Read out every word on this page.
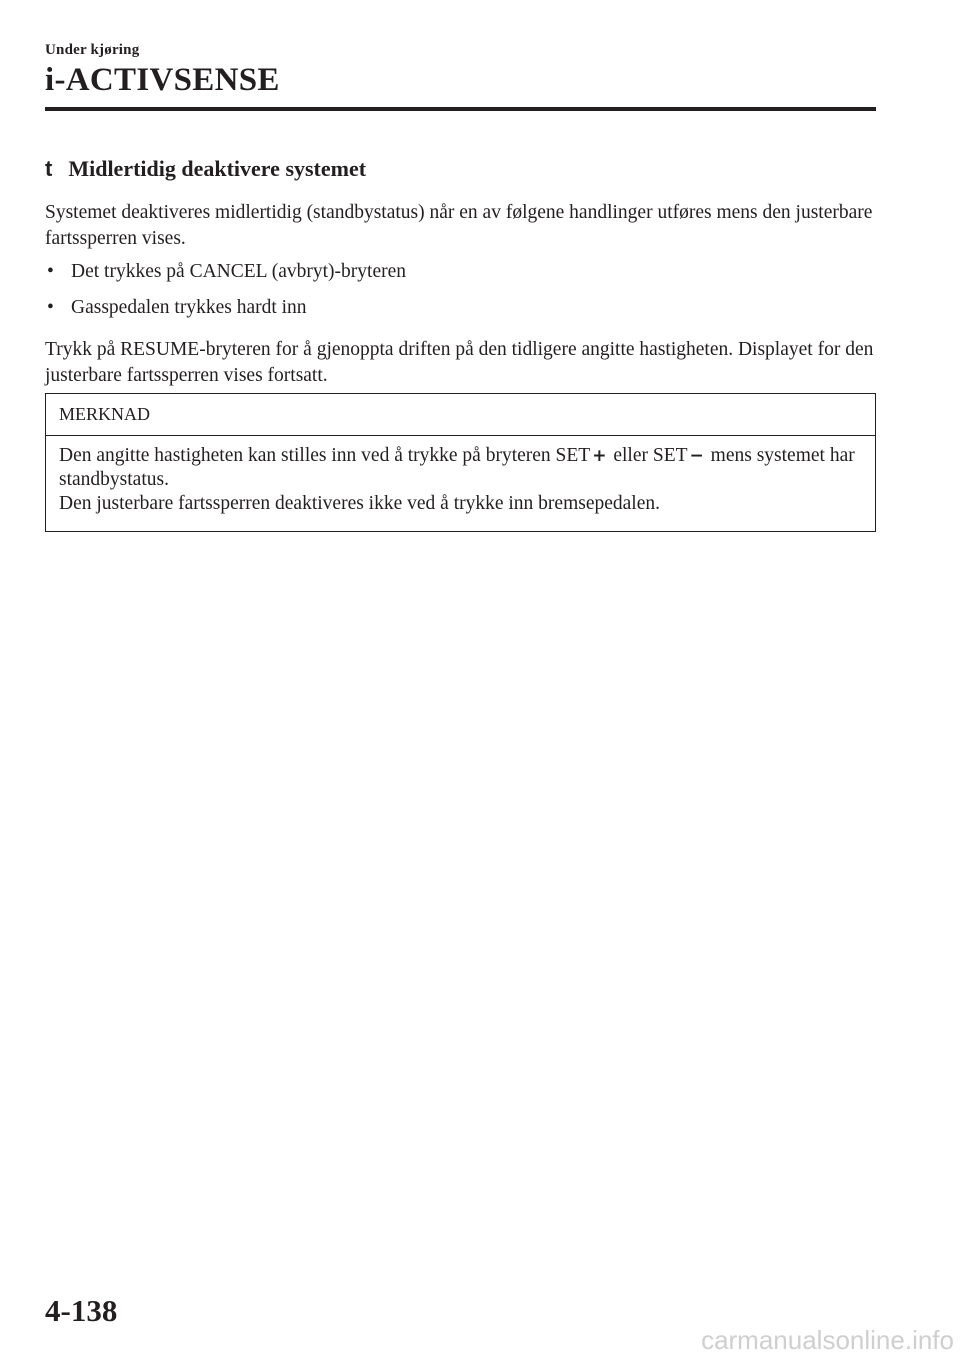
Under kjøring
i-ACTIVSENSE
t Midlertidig deaktivere systemet
Systemet deaktiveres midlertidig (standbystatus) når en av følgene handlinger utføres mens den justerbare fartssperren vises.
• Det trykkes på CANCEL (avbryt)-bryteren
• Gasspedalen trykkes hardt inn
Trykk på RESUME-bryteren for å gjenoppta driften på den tidligere angitte hastigheten. Displayet for den justerbare fartssperren vises fortsatt.
MERKNAD
Den angitte hastigheten kan stilles inn ved å trykke på bryteren SET + eller SET − mens systemet har standbystatus.
Den justerbare fartssperren deaktiveres ikke ved å trykke inn bremsepedalen.
4-138
carmanualsonline.info
